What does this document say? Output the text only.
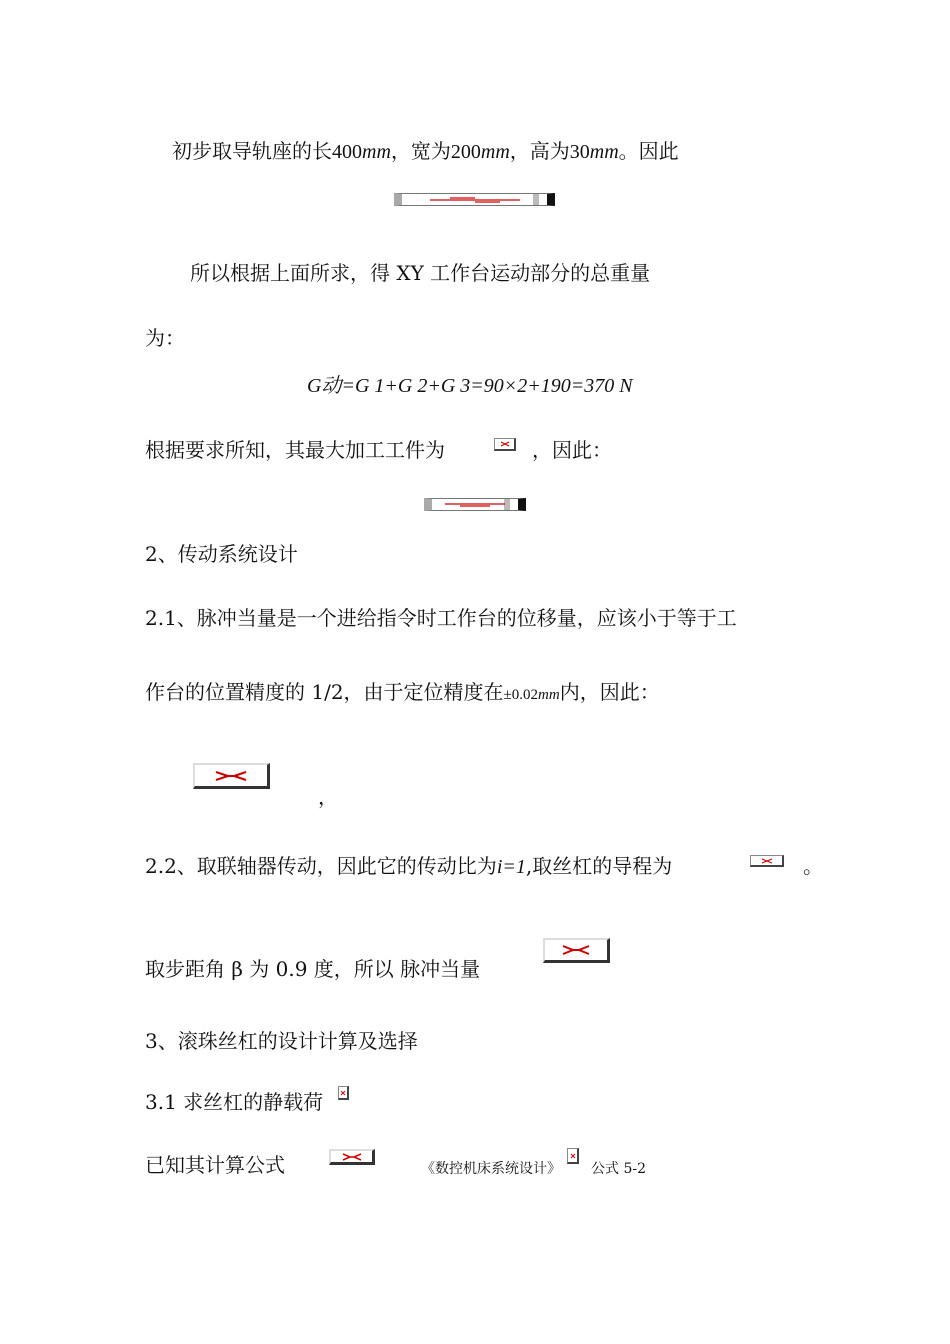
初步取导轨座的长400mm，宽为200mm，高为30mm。因此
所以根据上面所求，得 XY 工作台运动部分的总重量
为：
G动=G 1+G 2+G 3=90×2+190=370 N
根据要求所知，其最大加工工件为	，因此：
2、传动系统设计
2.1、脉冲当量是一个进给指令时工作台的位移量，应该小于等于工
作台的位置精度的 1/2，由于定位精度在±0.02mm内，因此：
，
2.2、取联轴器传动，因此它的传动比为i=1,取丝杠的导程为	。
取步距角 β 为 0.9 度，所以 脉冲当量
3、滚珠丝杠的设计计算及选择
3.1 求丝杠的静载荷
已知其计算公式	《数控机床系统设计》 公式 5-2
